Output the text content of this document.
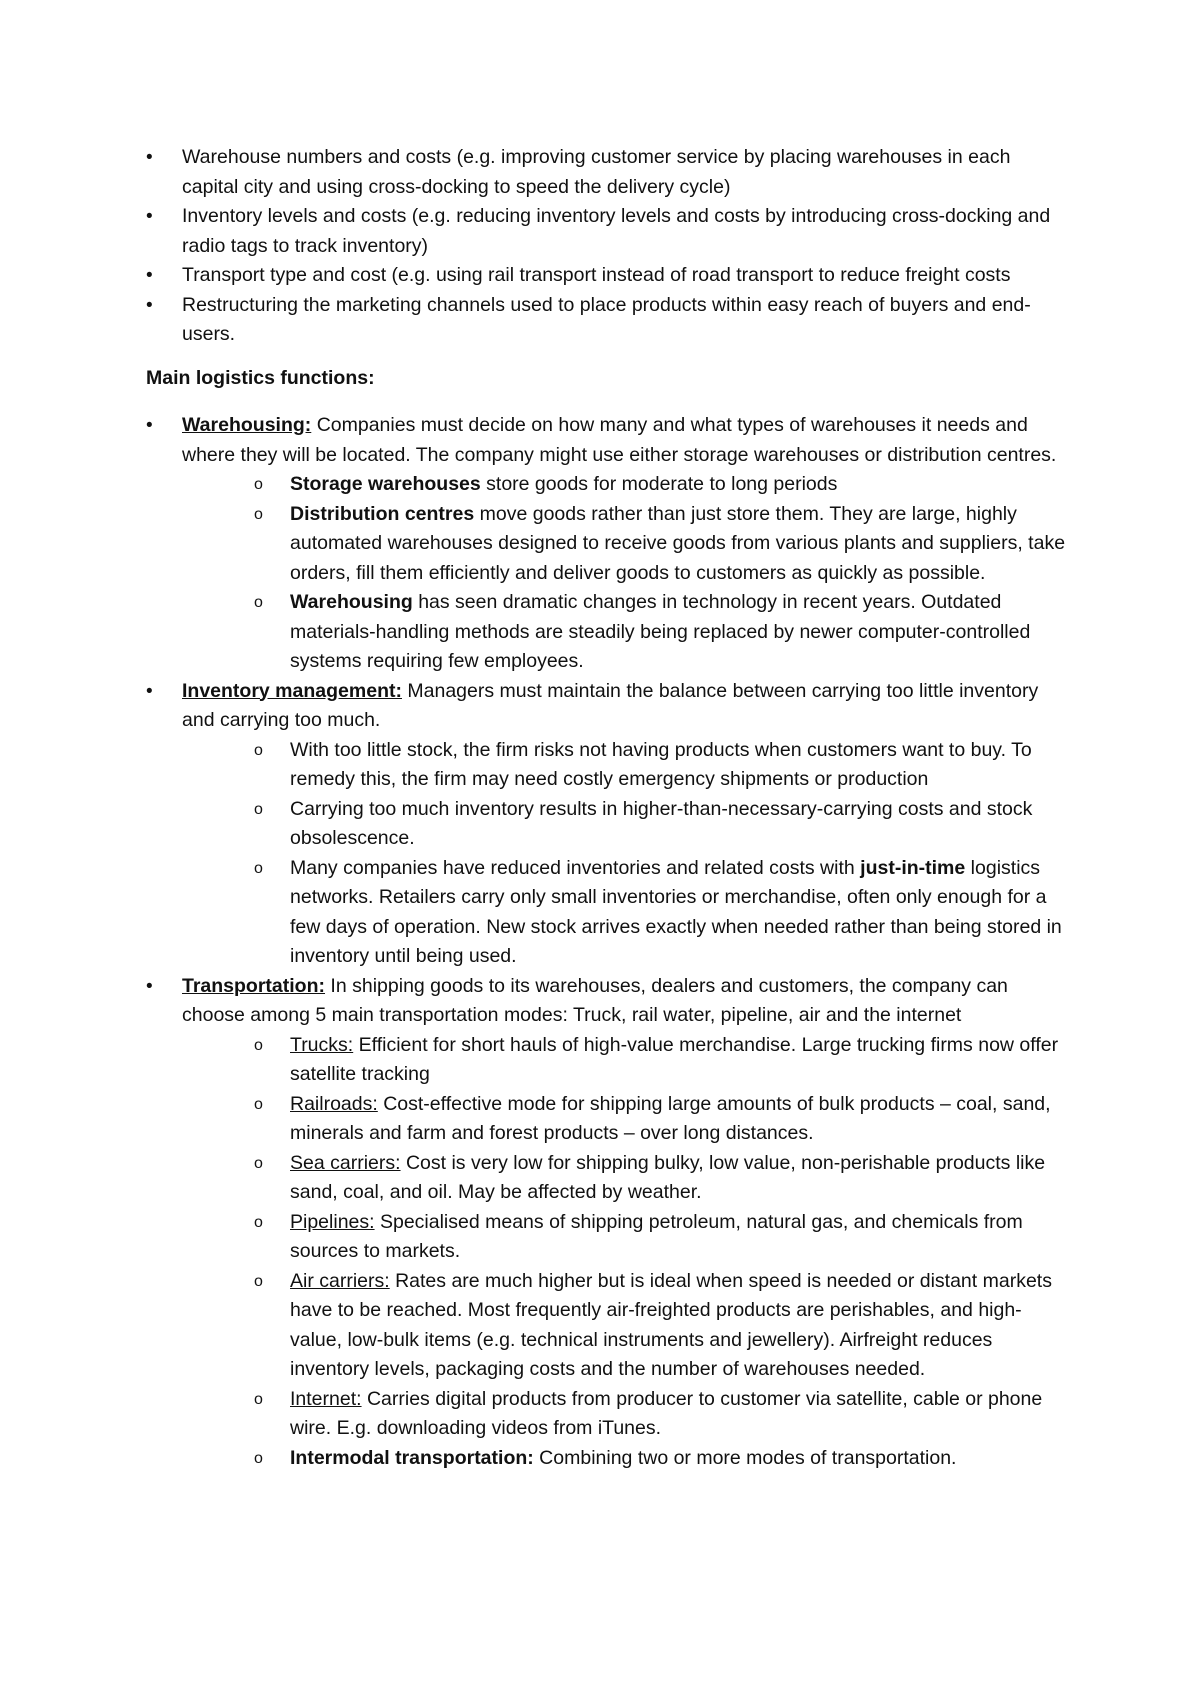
• Warehouse numbers and costs (e.g. improving customer service by placing warehouses in each capital city and using cross-docking to speed the delivery cycle)
• Inventory levels and costs (e.g. reducing inventory levels and costs by introducing cross-docking and radio tags to track inventory)
• Transport type and cost (e.g. using rail transport instead of road transport to reduce freight costs
• Restructuring the marketing channels used to place products within easy reach of buyers and end-users.
Main logistics functions:
• Warehousing: Companies must decide on how many and what types of warehouses it needs and where they will be located. The company might use either storage warehouses or distribution centres.
o Storage warehouses store goods for moderate to long periods
o Distribution centres move goods rather than just store them. They are large, highly automated warehouses designed to receive goods from various plants and suppliers, take orders, fill them efficiently and deliver goods to customers as quickly as possible.
o Warehousing has seen dramatic changes in technology in recent years. Outdated materials-handling methods are steadily being replaced by newer computer-controlled systems requiring few employees.
• Inventory management: Managers must maintain the balance between carrying too little inventory and carrying too much.
o With too little stock, the firm risks not having products when customers want to buy. To remedy this, the firm may need costly emergency shipments or production
o Carrying too much inventory results in higher-than-necessary-carrying costs and stock obsolescence.
o Many companies have reduced inventories and related costs with just-in-time logistics networks. Retailers carry only small inventories or merchandise, often only enough for a few days of operation. New stock arrives exactly when needed rather than being stored in inventory until being used.
• Transportation: In shipping goods to its warehouses, dealers and customers, the company can choose among 5 main transportation modes: Truck, rail water, pipeline, air and the internet
o Trucks: Efficient for short hauls of high-value merchandise. Large trucking firms now offer satellite tracking
o Railroads: Cost-effective mode for shipping large amounts of bulk products – coal, sand, minerals and farm and forest products – over long distances.
o Sea carriers: Cost is very low for shipping bulky, low value, non-perishable products like sand, coal, and oil. May be affected by weather.
o Pipelines: Specialised means of shipping petroleum, natural gas, and chemicals from sources to markets.
o Air carriers: Rates are much higher but is ideal when speed is needed or distant markets have to be reached. Most frequently air-freighted products are perishables, and high-value, low-bulk items (e.g. technical instruments and jewellery). Airfreight reduces inventory levels, packaging costs and the number of warehouses needed.
o Internet: Carries digital products from producer to customer via satellite, cable or phone wire. E.g. downloading videos from iTunes.
o Intermodal transportation: Combining two or more modes of transportation.
